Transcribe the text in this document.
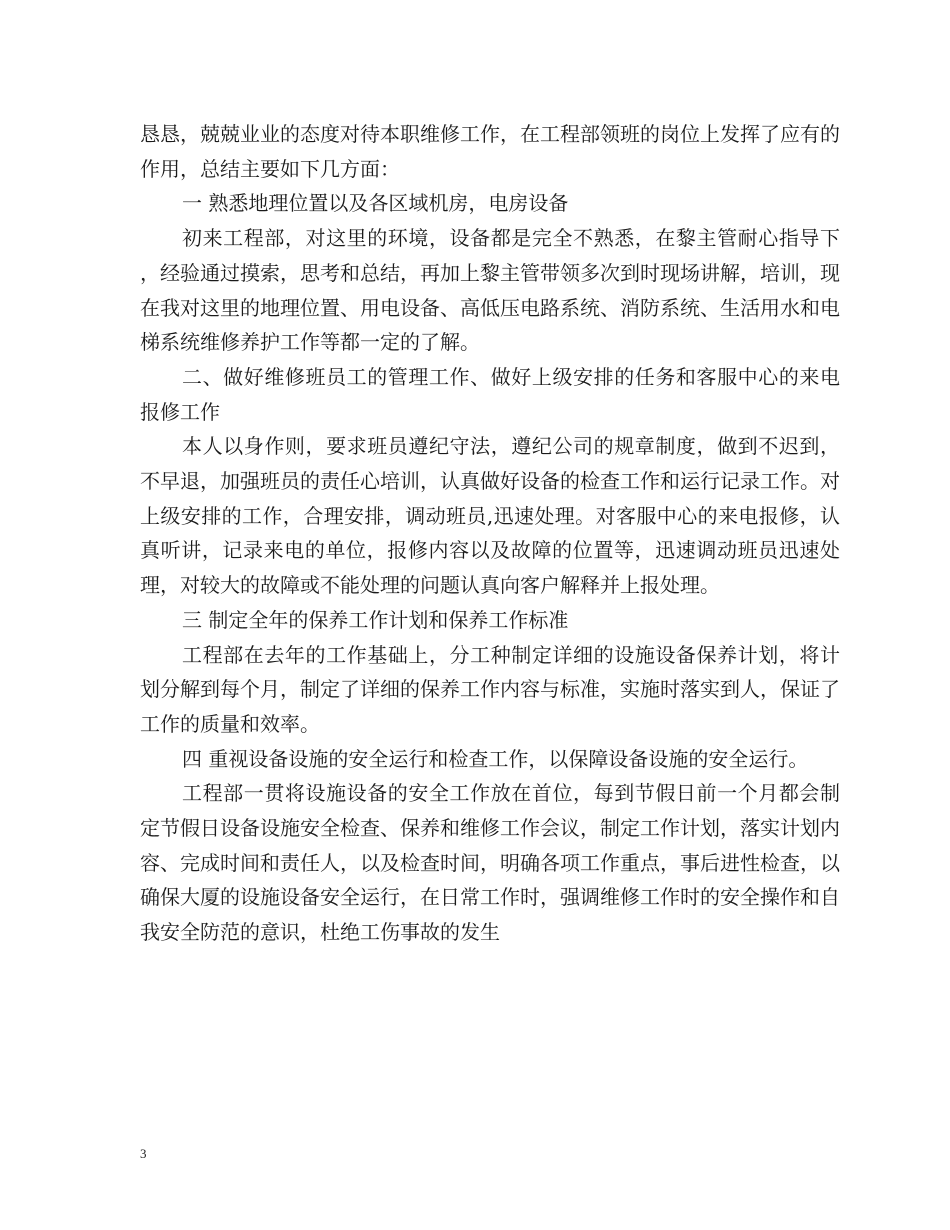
恳恳，兢兢业业的态度对待本职维修工作，在工程部领班的岗位上发挥了应有的作用，总结主要如下几方面：

一 熟悉地理位置以及各区域机房，电房设备

初来工程部，对这里的环境，设备都是完全不熟悉，在黎主管耐心指导下 ，经验通过摸索，思考和总结，再加上黎主管带领多次到时现场讲解，培训，现在我对这里的地理位置、用电设备、高低压电路系统、消防系统、生活用水和电梯系统维修养护工作等都一定的了解。

二、做好维修班员工的管理工作、做好上级安排的任务和客服中心的来电报修工作

本人以身作则，要求班员遵纪守法，遵纪公司的规章制度，做到不迟到，不早退，加强班员的责任心培训，认真做好设备的检查工作和运行记录工作。对上级安排的工作，合理安排，调动班员,迅速处理。对客服中心的来电报修，认真听讲，记录来电的单位，报修内容以及故障的位置等，迅速调动班员迅速处理，对较大的故障或不能处理的问题认真向客户解释并上报处理。

三 制定全年的保养工作计划和保养工作标准

工程部在去年的工作基础上，分工种制定详细的设施设备保养计划，将计划分解到每个月，制定了详细的保养工作内容与标准，实施时落实到人，保证了工作的质量和效率。

四 重视设备设施的安全运行和检查工作，以保障设备设施的安全运行。

工程部一贯将设施设备的安全工作放在首位，每到节假日前一个月都会制定节假日设备设施安全检查、保养和维修工作会议，制定工作计划，落实计划内容、完成时间和责任人，以及检查时间，明确各项工作重点，事后进性检查，以确保大厦的设施设备安全运行，在日常工作时，强调维修工作时的安全操作和自我安全防范的意识，杜绝工伤事故的发生

3
